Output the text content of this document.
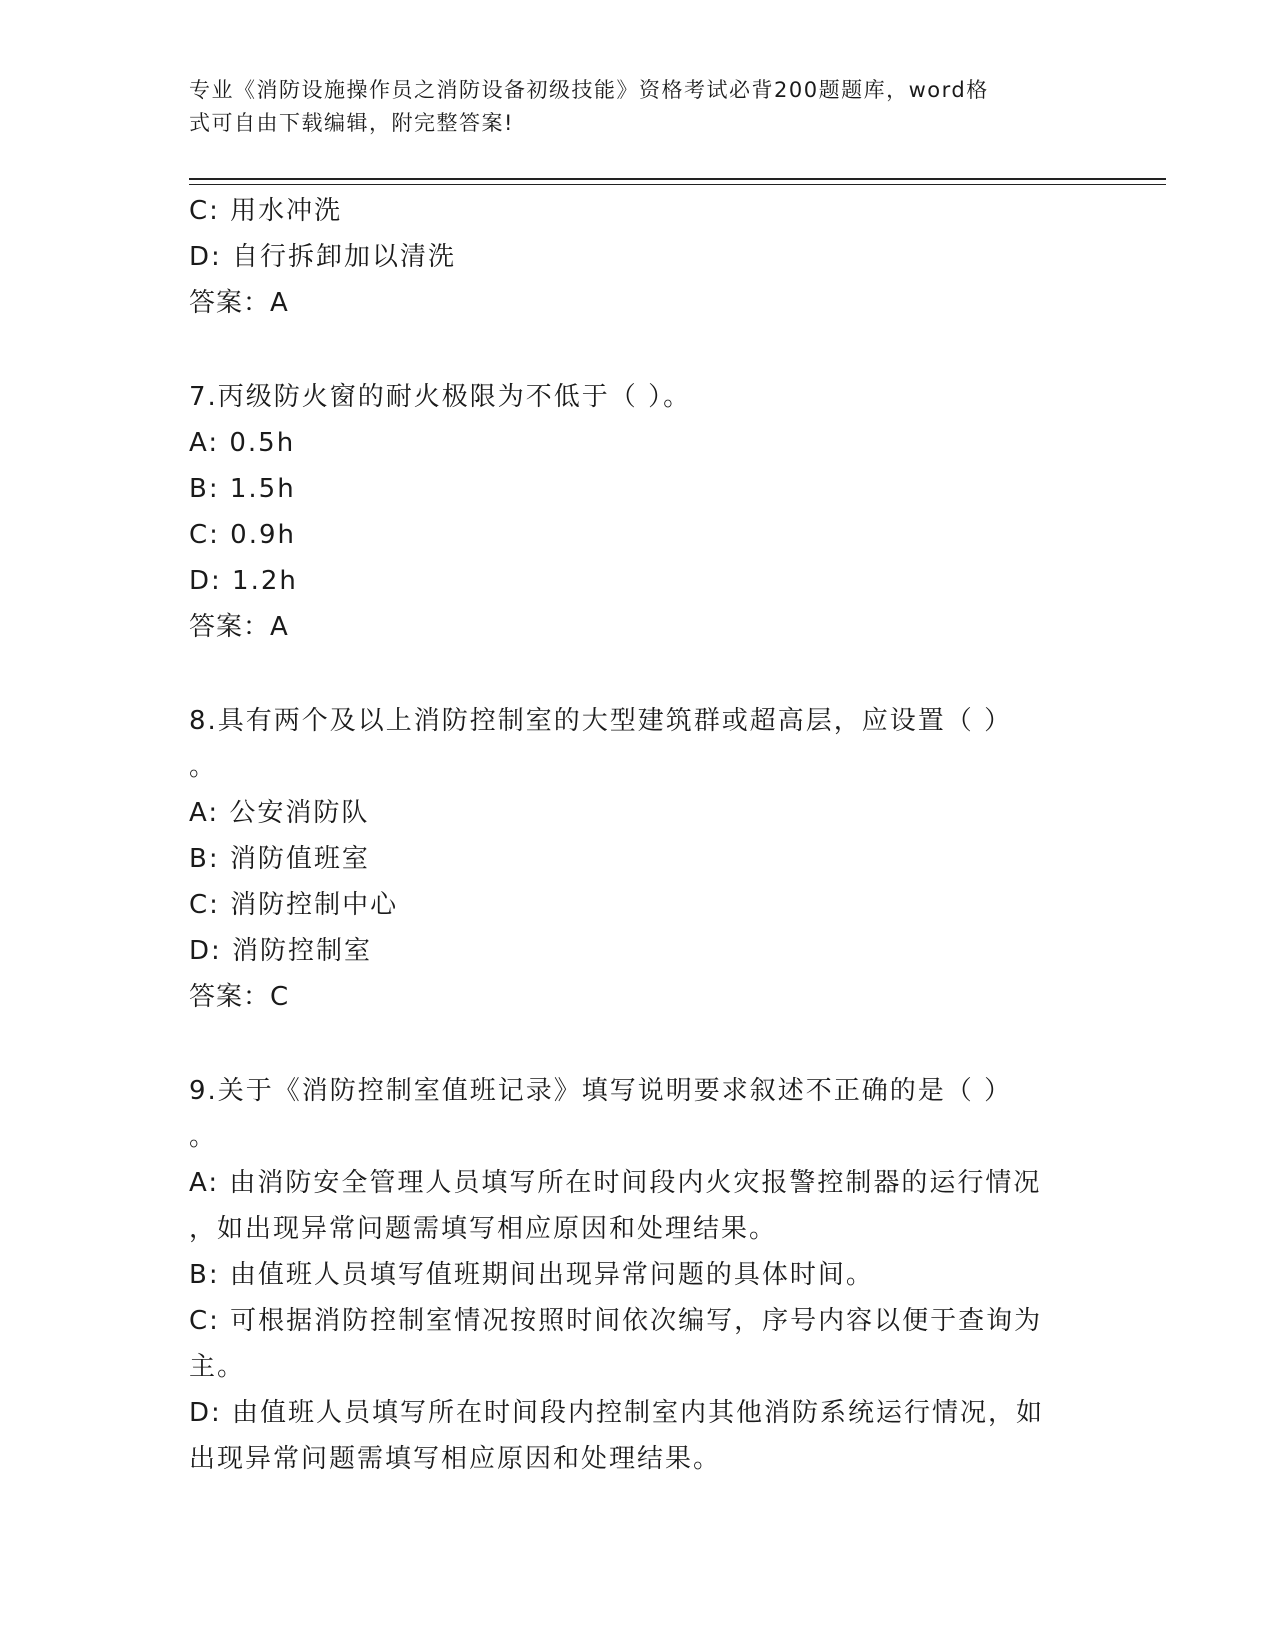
专业《消防设施操作员之消防设备初级技能》资格考试必背200题题库，word格
式可自由下载编辑，附完整答案!

C: 用水冲洗

D: 自行拆卸加以清洗

答案：A

7.丙级防火窗的耐火极限为不低于（ ）。

A: 0.5h

B: 1.5h

C: 0.9h

D: 1.2h

答案：A

8.具有两个及以上消防控制室的大型建筑群或超高层，应设置（ ）

。

A: 公安消防队

B: 消防值班室

C: 消防控制中心

D: 消防控制室

答案：C

9.关于《消防控制室值班记录》填写说明要求叙述不正确的是（ ）

。

A: 由消防安全管理人员填写所在时间段内火灾报警控制器的运行情况

，如出现异常问题需填写相应原因和处理结果。

B: 由值班人员填写值班期间出现异常问题的具体时间。

C: 可根据消防控制室情况按照时间依次编写，序号内容以便于查询为

主。

D: 由值班人员填写所在时间段内控制室内其他消防系统运行情况，如

出现异常问题需填写相应原因和处理结果。
